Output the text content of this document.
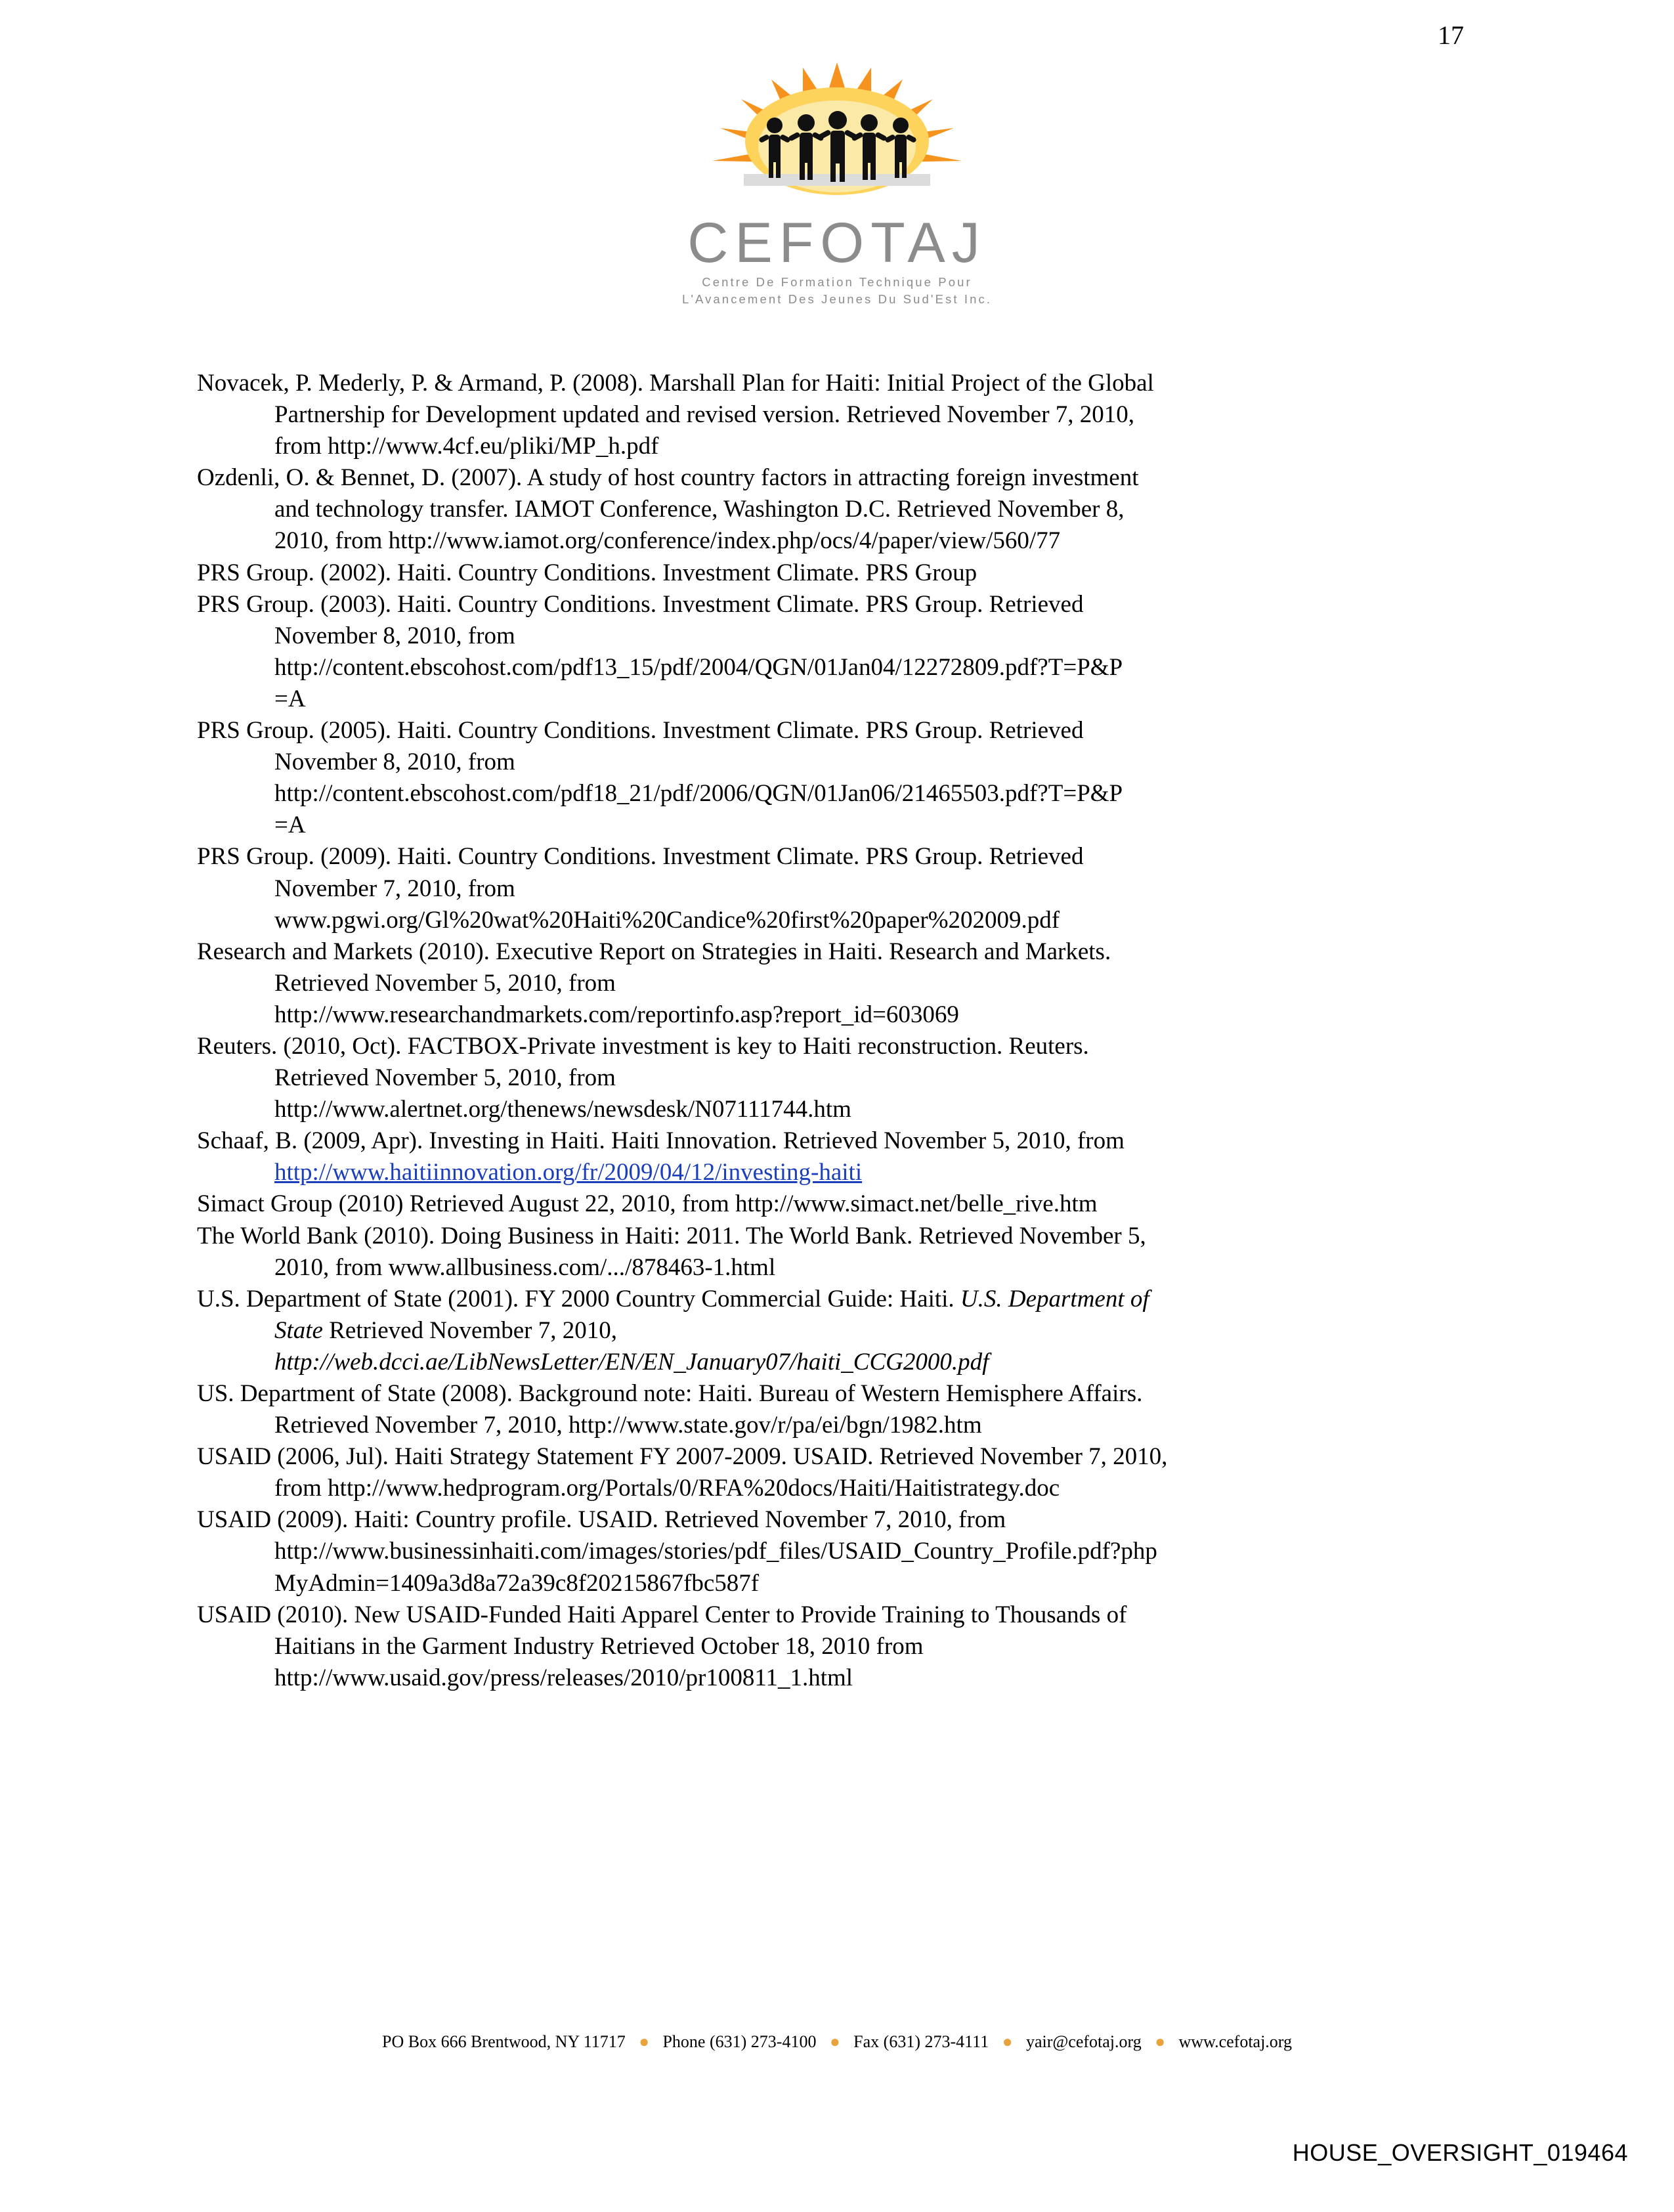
17
CEFOTAJ
Centre De Formation Technique Pour
L'Avancement Des Jeunes Du Sud'Est Inc.
Novacek, P. Mederly, P. & Armand, P. (2008). Marshall Plan for Haiti: Initial Project of the Global
Partnership for Development updated and revised version. Retrieved November 7, 2010,
from http://www.4cf.eu/pliki/MP_h.pdf
Ozdenli, O. & Bennet, D. (2007). A study of host country factors in attracting foreign investment
and technology transfer. IAMOT Conference, Washington D.C. Retrieved November 8,
2010, from http://www.iamot.org/conference/index.php/ocs/4/paper/view/560/77
PRS Group. (2002). Haiti. Country Conditions. Investment Climate. PRS Group
PRS Group. (2003). Haiti. Country Conditions. Investment Climate. PRS Group. Retrieved
November 8, 2010, from
http://content.ebscohost.com/pdf13_15/pdf/2004/QGN/01Jan04/12272809.pdf?T=P&P
=A
PRS Group. (2005). Haiti. Country Conditions. Investment Climate. PRS Group. Retrieved
November 8, 2010, from
http://content.ebscohost.com/pdf18_21/pdf/2006/QGN/01Jan06/21465503.pdf?T=P&P
=A
PRS Group. (2009). Haiti. Country Conditions. Investment Climate. PRS Group. Retrieved
November 7, 2010, from
www.pgwi.org/Gl%20wat%20Haiti%20Candice%20first%20paper%202009.pdf
Research and Markets (2010). Executive Report on Strategies in Haiti. Research and Markets.
Retrieved November 5, 2010, from
http://www.researchandmarkets.com/reportinfo.asp?report_id=603069
Reuters. (2010, Oct). FACTBOX-Private investment is key to Haiti reconstruction. Reuters.
Retrieved November 5, 2010, from
http://www.alertnet.org/thenews/newsdesk/N07111744.htm
Schaaf, B. (2009, Apr). Investing in Haiti. Haiti Innovation. Retrieved November 5, 2010, from
http://www.haitiinnovation.org/fr/2009/04/12/investing-haiti
Simact Group (2010) Retrieved August 22, 2010, from http://www.simact.net/belle_rive.htm
The World Bank (2010). Doing Business in Haiti: 2011. The World Bank. Retrieved November 5,
2010, from www.allbusiness.com/.../878463-1.html
U.S. Department of State (2001). FY 2000 Country Commercial Guide: Haiti. U.S. Department of
State Retrieved November 7, 2010,
http://web.dcci.ae/LibNewsLetter/EN/EN_January07/haiti_CCG2000.pdf
US. Department of State (2008). Background note: Haiti. Bureau of Western Hemisphere Affairs.
Retrieved November 7, 2010, http://www.state.gov/r/pa/ei/bgn/1982.htm
USAID (2006, Jul). Haiti Strategy Statement FY 2007-2009. USAID. Retrieved November 7, 2010,
from http://www.hedprogram.org/Portals/0/RFA%20docs/Haiti/Haitistrategy.doc
USAID (2009). Haiti: Country profile. USAID. Retrieved November 7, 2010, from
http://www.businessinhaiti.com/images/stories/pdf_files/USAID_Country_Profile.pdf?php
MyAdmin=1409a3d8a72a39c8f20215867fbc587f
USAID (2010). New USAID-Funded Haiti Apparel Center to Provide Training to Thousands of
Haitians in the Garment Industry Retrieved October 18, 2010 from
http://www.usaid.gov/press/releases/2010/pr100811_1.html
PO Box 666 Brentwood, NY 11717 ● Phone (631) 273-4100 ● Fax (631) 273-4111 ● yair@cefotaj.org ● www.cefotaj.org
HOUSE_OVERSIGHT_019464
